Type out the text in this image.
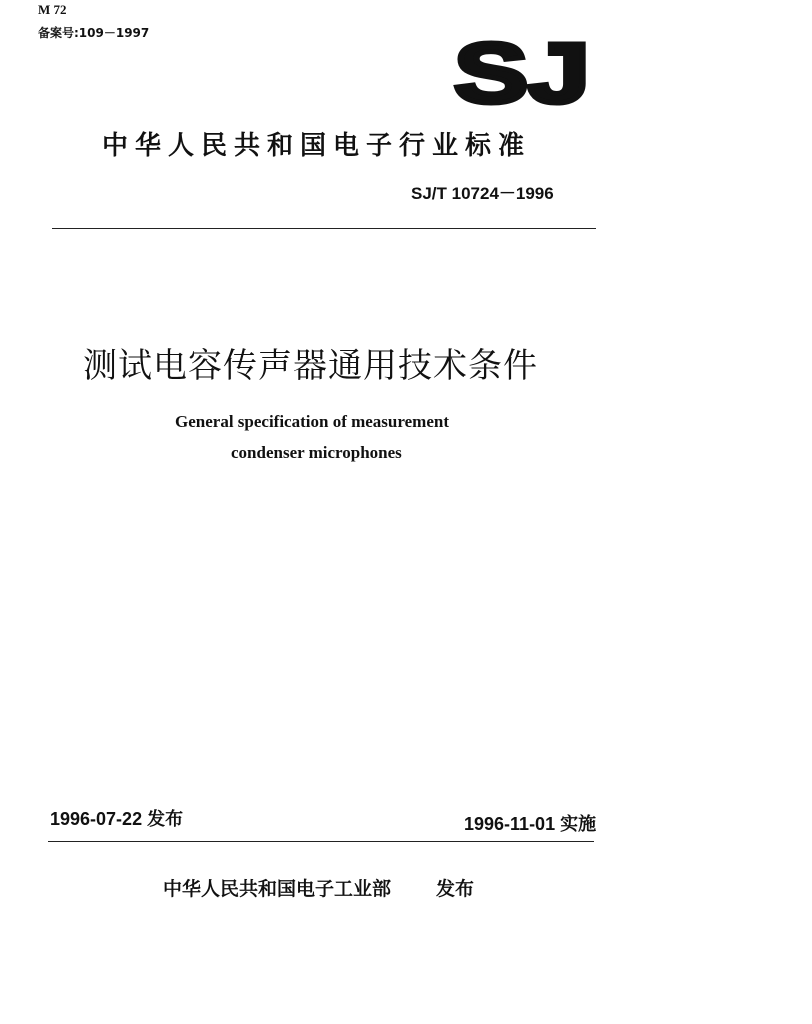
M 72
备案号:109－1997	SJ
中华人民共和国电子行业标准
SJ/T 10724－1996
测试电容传声器通用技术条件
General specification of measurement
condenser microphones
1996-07-22 发布	1996-11-01 实施
中华人民共和国电子工业部 发布
